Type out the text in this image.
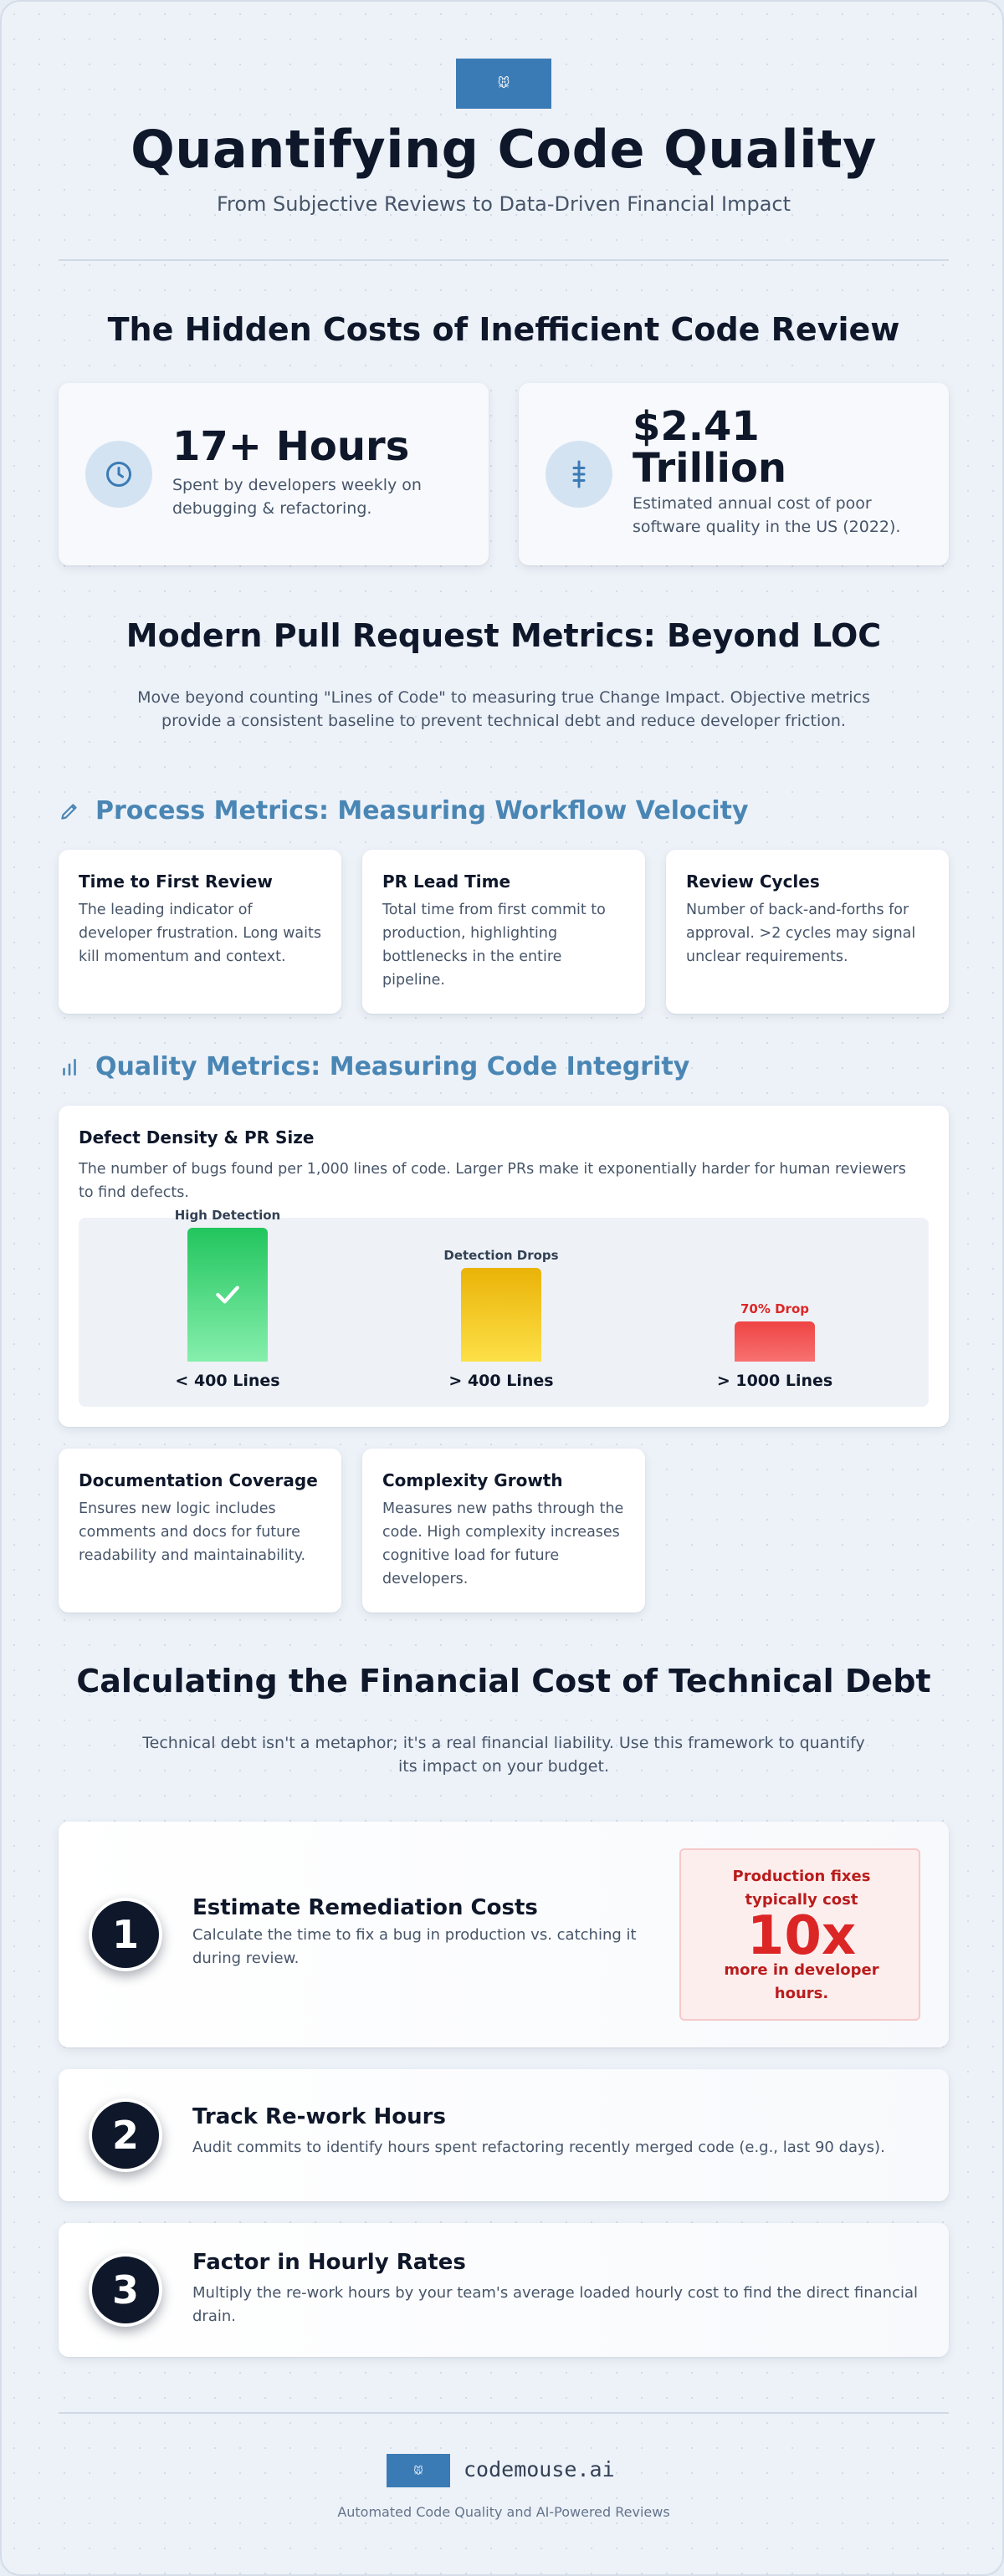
🐭
Quantifying Code Quality
From Subjective Reviews to Data-Driven Financial Impact
The Hidden Costs of Inefficient Code Review
17+ Hours
Spent by developers weekly on debugging & refactoring.
$2.41
Trillion
Estimated annual cost of poor software quality in the US (2022).
Modern Pull Request Metrics: Beyond LOC
Move beyond counting "Lines of Code" to measuring true Change Impact. Objective metrics provide a consistent baseline to prevent technical debt and reduce developer friction.
Process Metrics: Measuring Workflow Velocity
Time to First Review
The leading indicator of developer frustration. Long waits kill momentum and context.
PR Lead Time
Total time from first commit to production, highlighting bottlenecks in the entire pipeline.
Review Cycles
Number of back-and-forths for approval. >2 cycles may signal unclear requirements.
Quality Metrics: Measuring Code Integrity
Defect Density & PR Size
The number of bugs found per 1,000 lines of code. Larger PRs make it exponentially harder for human reviewers to find defects.
High Detection
< 400 Lines
Detection Drops
> 400 Lines
70% Drop
> 1000 Lines
Documentation Coverage
Ensures new logic includes comments and docs for future readability and maintainability.
Complexity Growth
Measures new paths through the code. High complexity increases cognitive load for future developers.
Calculating the Financial Cost of Technical Debt
Technical debt isn't a metaphor; it's a real financial liability. Use this framework to quantify its impact on your budget.
1
Estimate Remediation Costs
Calculate the time to fix a bug in production vs. catching it during review.
Production fixes typically cost
10x
more in developer hours.
2	Track Re-work Hours
Audit commits to identify hours spent refactoring recently merged code (e.g., last 90 days).
3
Factor in Hourly Rates
Multiply the re-work hours by your team's average loaded hourly cost to find the direct financial drain.
🐭 codemouse.ai
Automated Code Quality and AI-Powered Reviews
